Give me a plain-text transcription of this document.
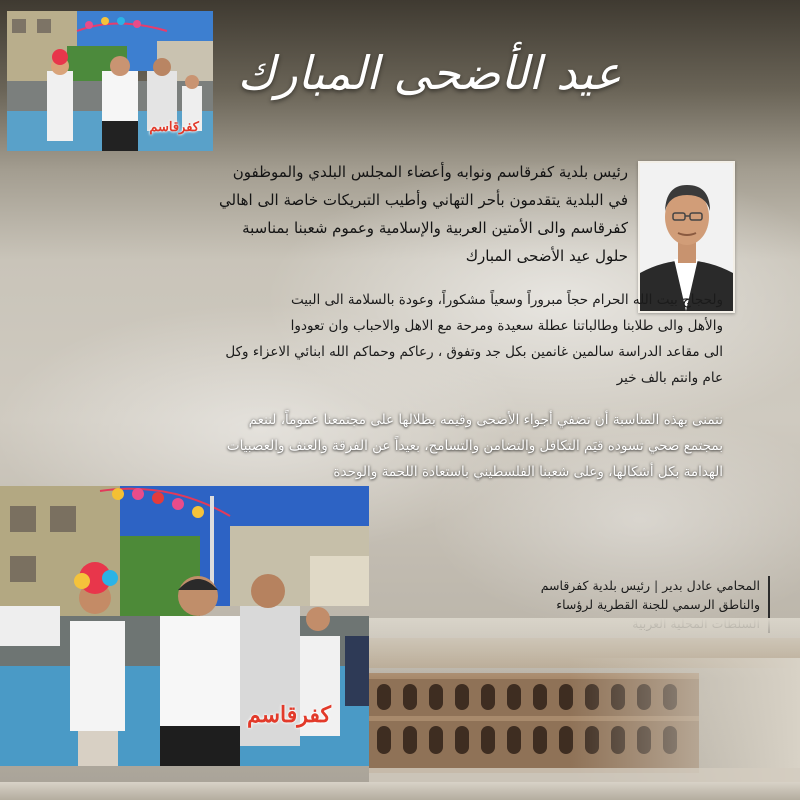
كفرقاسم
عيد الأضحى المبارك
رئيس بلدية كفرقاسم ونوابه وأعضاء المجلس البلدي والموظفون
في البلدية يتقدمون بأحر التهاني وأطيب التبريكات خاصة الى اهالي
كفرقاسم والى الأمتين العربية والإسلامية وعموم شعبنا بمناسبة
حلول عيد الأضحى المبارك
ولحجاج بيت الله الحرام حجاً مبروراً وسعياً مشكوراً، وعودة بالسلامة الى البيت
والأهل والى طلابنا وطالباتنا عطلة سعيدة ومرحة مع الاهل والاحباب وان تعودوا
الى مقاعد الدراسة سالمين غانمين بكل جد وتفوق ، رعاكم وحماكم الله ابنائي الاعزاء وكل
عام وانتم بالف خير
نتمنى بهذه المناسبة أن تضفي أجواء الأضحى وقيمه بظلالها على مجتمعنا عموماً، لننعم
بمجتمع صحي تسوده قيَم التكافل والتضامن والتسامح، بعيداً عن الفرقة والعنف والعصبيات
الهدامة بكل أشكالها، وعلى شعبنا الفلسطيني باستعادة اللحمة والوحدة
كفرقاسم
المحامي عادل بدير|رئيس بلدية كفرقاسم
والناطق الرسمي للجنة القطرية لرؤساء
